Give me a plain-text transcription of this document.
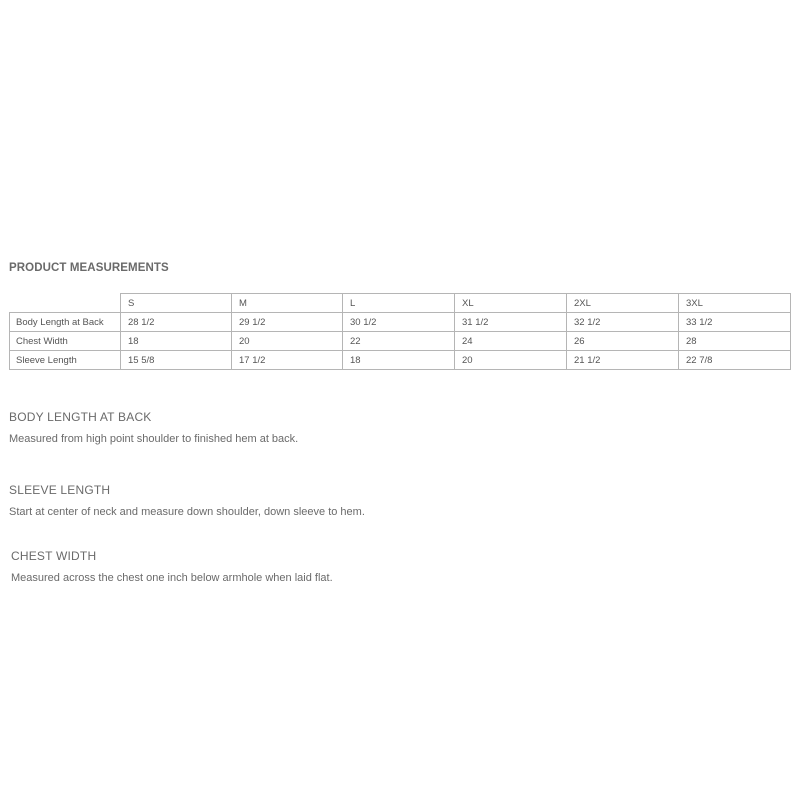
PRODUCT MEASUREMENTS
	S	M	L	XL	2XL	3XL
Body Length at Back	28 1/2	29 1/2	30 1/2	31 1/2	32 1/2	33 1/2
Chest Width	18	20	22	24	26	28
Sleeve Length	15 5/8	17 1/2	18	20	21 1/2	22 7/8
BODY LENGTH AT BACK
Measured from high point shoulder to finished hem at back.
SLEEVE LENGTH
Start at center of neck and measure down shoulder, down sleeve to hem.
CHEST WIDTH
Measured across the chest one inch below armhole when laid flat.
